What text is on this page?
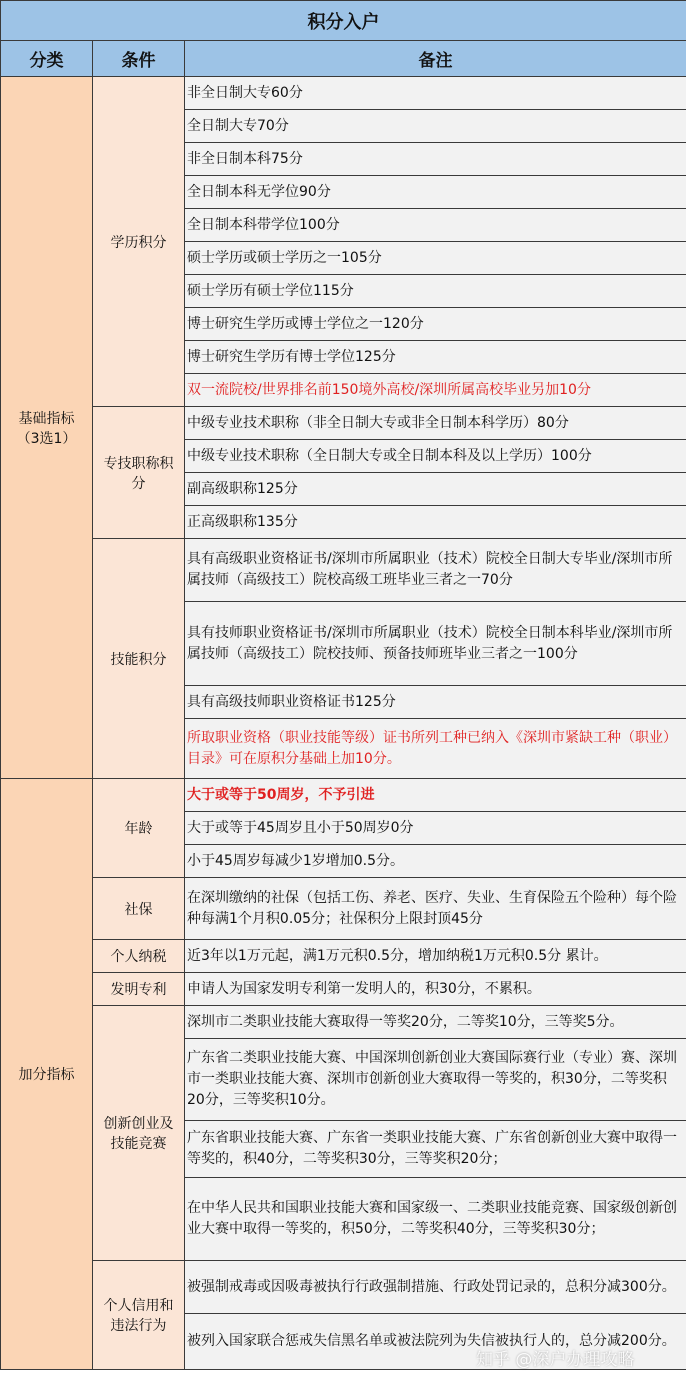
积分入户		
分类	条件	备注

基础指标
（3选1）	学历积分	非全日制大专60分
		全日制大专70分
		非全日制本科75分
		全日制本科无学位90分
		全日制本科带学位100分
		硕士学历或硕士学历之一105分
		硕士学历有硕士学位115分
		博士研究生学历或博士学位之一120分
		博士研究生学历有博士学位125分
		双一流院校/世界排名前150境外高校/深圳所属高校毕业另加10分
	专技职称积分	中级专业技术职称（非全日制大专或非全日制本科学历）80分
		中级专业技术职称（全日制大专或全日制本科及以上学历）100分
		副高级职称125分
		正高级职称135分
	技能积分	具有高级职业资格证书/深圳市所属职业（技术）院校全日制大专毕业/深圳市所属技师（高级技工）院校高级工班毕业三者之一70分
		具有技师职业资格证书/深圳市所属职业（技术）院校全日制本科毕业/深圳市所属技师（高级技工）院校技师、预备技师班毕业三者之一100分
		具有高级技师职业资格证书125分
		所取职业资格（职业技能等级）证书所列工种已纳入《深圳市紧缺工种（职业）目录》可在原积分基础上加10分。

加分指标	年龄	大于或等于50周岁，不予引进
		大于或等于45周岁且小于50周岁0分
		小于45周岁每减少1岁增加0.5分。
	社保	在深圳缴纳的社保（包括工伤、养老、医疗、失业、生育保险五个险种）每个险种每满1个月积0.05分；社保积分上限封顶45分
	个人纳税	近3年以1万元起，满1万元积0.5分，增加纳税1万元积0.5分 累计。
	发明专利	申请人为国家发明专利第一发明人的，积30分，不累积。
	创新创业及技能竞赛	深圳市二类职业技能大赛取得一等奖20分，二等奖10分，三等奖5分。
		广东省二类职业技能大赛、中国深圳创新创业大赛国际赛行业（专业）赛、深圳市一类职业技能大赛、深圳市创新创业大赛取得一等奖的，积30分，二等奖积20分，三等奖积10分。
		广东省职业技能大赛、广东省一类职业技能大赛、广东省创新创业大赛中取得一等奖的，积40分，二等奖积30分，三等奖积20分；
		在中华人民共和国职业技能大赛和国家级一、二类职业技能竞赛、国家级创新创业大赛中取得一等奖的，积50分，二等奖积40分，三等奖积30分；
	个人信用和违法行为	被强制戒毒或因吸毒被执行行政强制措施、行政处罚记录的，总积分减300分。
		被列入国家联合惩戒失信黑名单或被法院列为失信被执行人的，总分减200分。
知乎 @深户办理攻略
